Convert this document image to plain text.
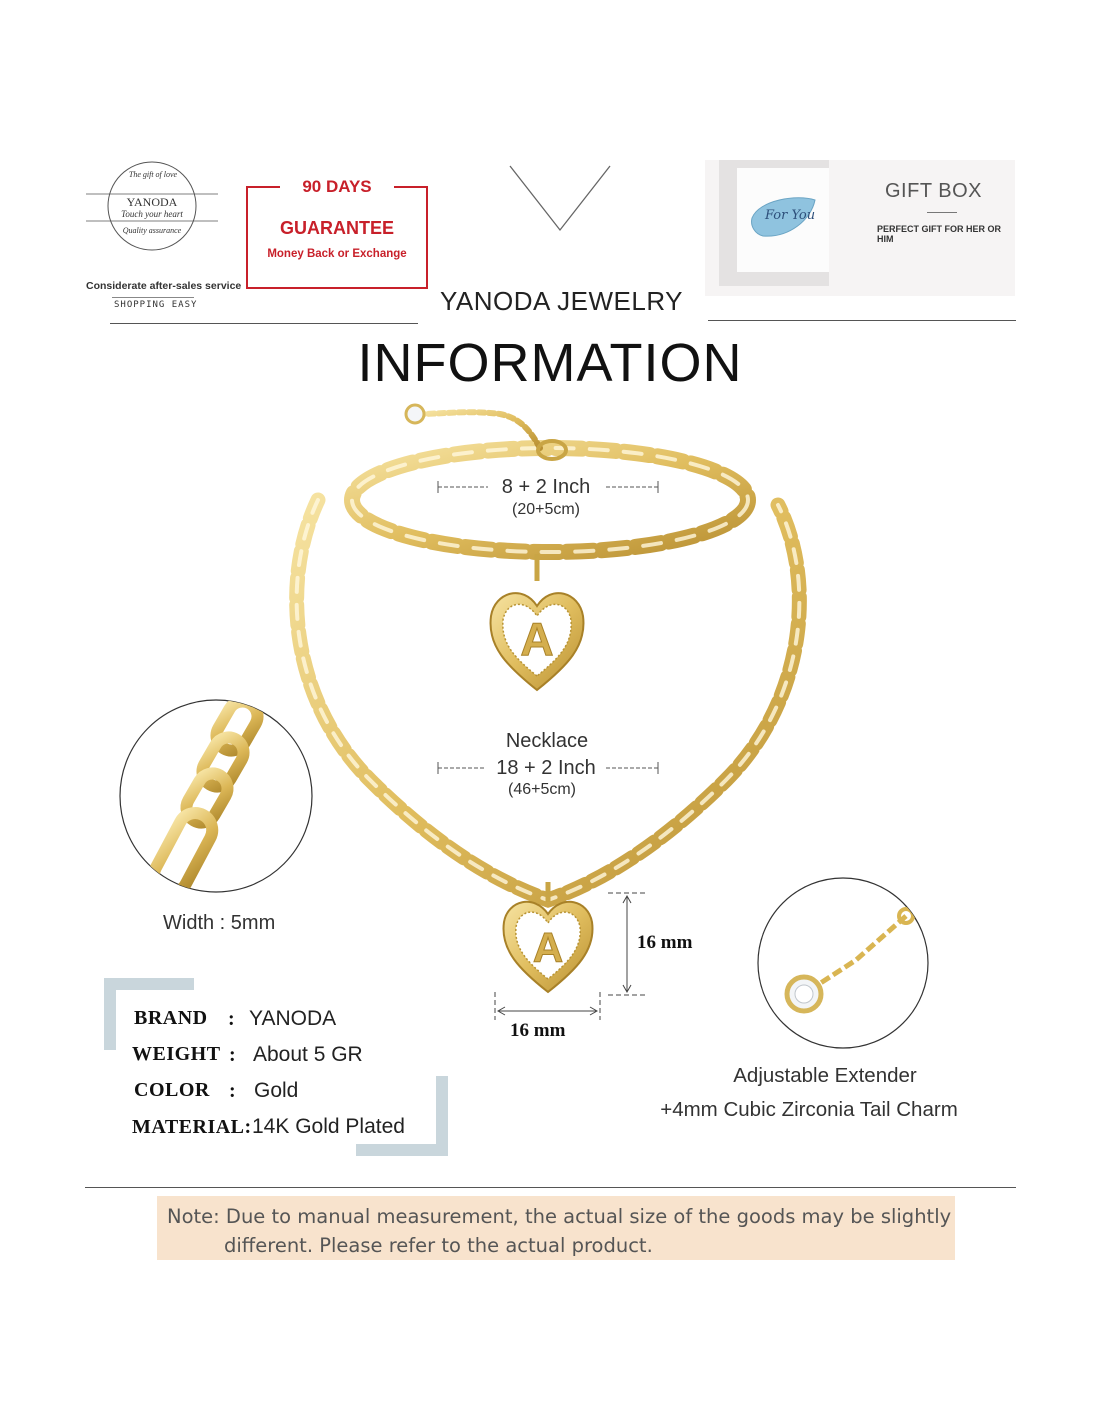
The gift of love
YANODA
Touch your heart
Quality assurance
Considerate after-sales service
SHOPPING EASY
90 DAYS
GUARANTEE
Money Back or Exchange
For You
GIFT BOX
PERFECT GIFT FOR HER OR HIM
YANODA JEWELRY
INFORMATION
A
A
8 + 2 Inch
(20+5cm)
Necklace
18 + 2 Inch
(46+5cm)
16 mm
16 mm
Width : 5mm
Adjustable Extender
+4mm Cubic Zirconia Tail Charm
BRAND : YANODA
WEIGHT : About 5 GR
COLOR : Gold
MATERIAL: 14K Gold Plated
Note: Due to manual measurement, the actual size of the goods may be slightly
different. Please refer to the actual product.
